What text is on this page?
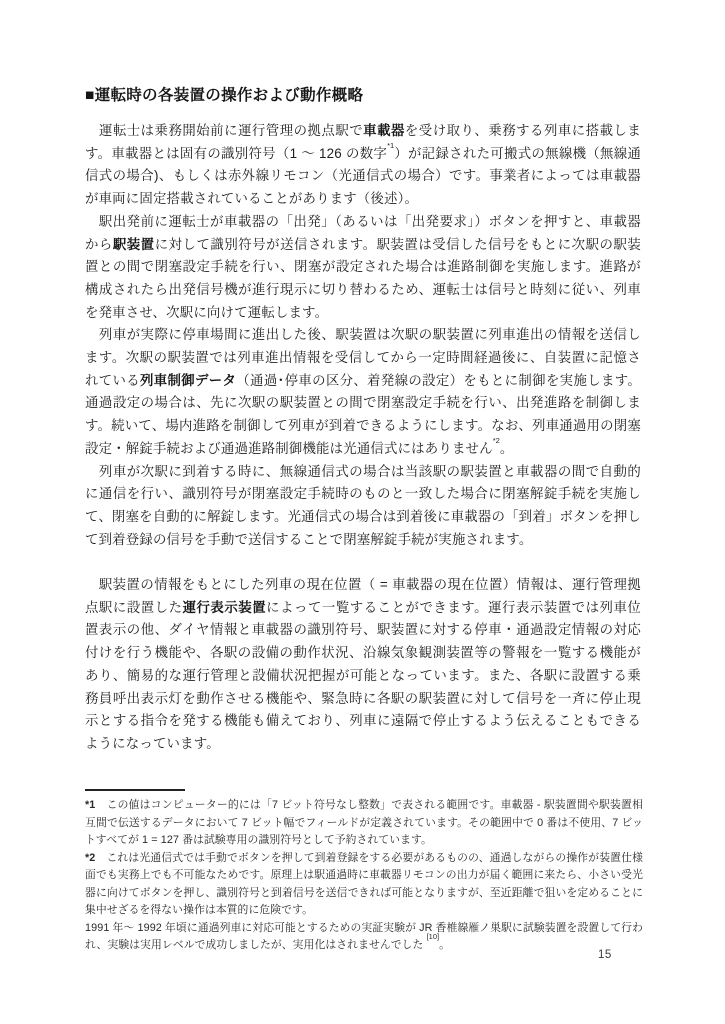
■運転時の各装置の操作および動作概略

　運転士は乗務開始前に運行管理の拠点駅で車載器を受け取り、乗務する列車に搭載します。車載器とは固有の識別符号（1 ～ 126 の数字$^{*1}$）が記録された可搬式の無線機（無線通信式の場合)、もしくは赤外線リモコン（光通信式の場合）です。事業者によっては車載器が車両に固定搭載されていることがあります（後述）。

　駅出発前に運転士が車載器の「出発」（あるいは「出発要求」）ボタンを押すと、車載器から駅装置に対して識別符号が送信されます。駅装置は受信した信号をもとに次駅の駅装置との間で閉塞設定手続を行い、閉塞が設定された場合は進路制御を実施します。進路が構成されたら出発信号機が進行現示に切り替わるため、運転士は信号と時刻に従い、列車を発車させ、次駅に向けて運転します。

　列車が実際に停車場間に進出した後、駅装置は次駅の駅装置に列車進出の情報を送信します。次駅の駅装置では列車進出情報を受信してから一定時間経過後に、自装置に記憶されている列車制御データ（通過･停車の区分、着発線の設定）をもとに制御を実施します。通過設定の場合は、先に次駅の駅装置との間で閉塞設定手続を行い、出発進路を制御します。続いて、場内進路を制御して列車が到着できるようにします。なお、列車通過用の閉塞設定・解錠手続および通過進路制御機能は光通信式にはありません$^{*2}$。

　列車が次駅に到着する時に、無線通信式の場合は当該駅の駅装置と車載器の間で自動的に通信を行い、識別符号が閉塞設定手続時のものと一致した場合に閉塞解錠手続を実施して、閉塞を自動的に解錠します。光通信式の場合は到着後に車載器の「到着」ボタンを押して到着登録の信号を手動で送信することで閉塞解錠手続が実施されます。

　駅装置の情報をもとにした列車の現在位置（ = 車載器の現在位置）情報は、運行管理拠点駅に設置した運行表示装置によって一覧することができます。運行表示装置では列車位置表示の他、ダイヤ情報と車載器の識別符号、駅装置に対する停車・通過設定情報の対応付けを行う機能や、各駅の設備の動作状況、沿線気象観測装置等の警報を一覧する機能があり、簡易的な運行管理と設備状況把握が可能となっています。また、各駅に設置する乗務員呼出表示灯を動作させる機能や、緊急時に各駅の駅装置に対して信号を一斉に停止現示とする指令を発する機能も備えており、列車に遠隔で停止するよう伝えることもできるようになっています。

*1　この値はコンピューター的には「7 ビット符号なし整数」で表される範囲です。車載器 - 駅装置間や駅装置相互間で伝送するデータにおいて 7 ビット幅でフィールドが定義されています。その範囲中で 0 番は不使用、7 ビットすべてが 1 = 127 番は試験専用の識別符号として予約されています。

*2　これは光通信式では手動でボタンを押して到着登録をする必要があるものの、通過しながらの操作が装置仕様面でも実務上でも不可能なためです。原理上は駅通過時に車載器リモコンの出力が届く範囲に来たら、小さい受光器に向けてボタンを押し、識別符号と到着信号を送信できれば可能となりますが、至近距離で狙いを定めることに集中せざるを得ない操作は本質的に危険です。

1991 年～ 1992 年頃に通過列車に対応可能とするための実証実験が JR 香椎線雁ノ巣駅に試験装置を設置して行われ、実験は実用レベルで成功しましたが、実用化はされませんでした [10]。

15
